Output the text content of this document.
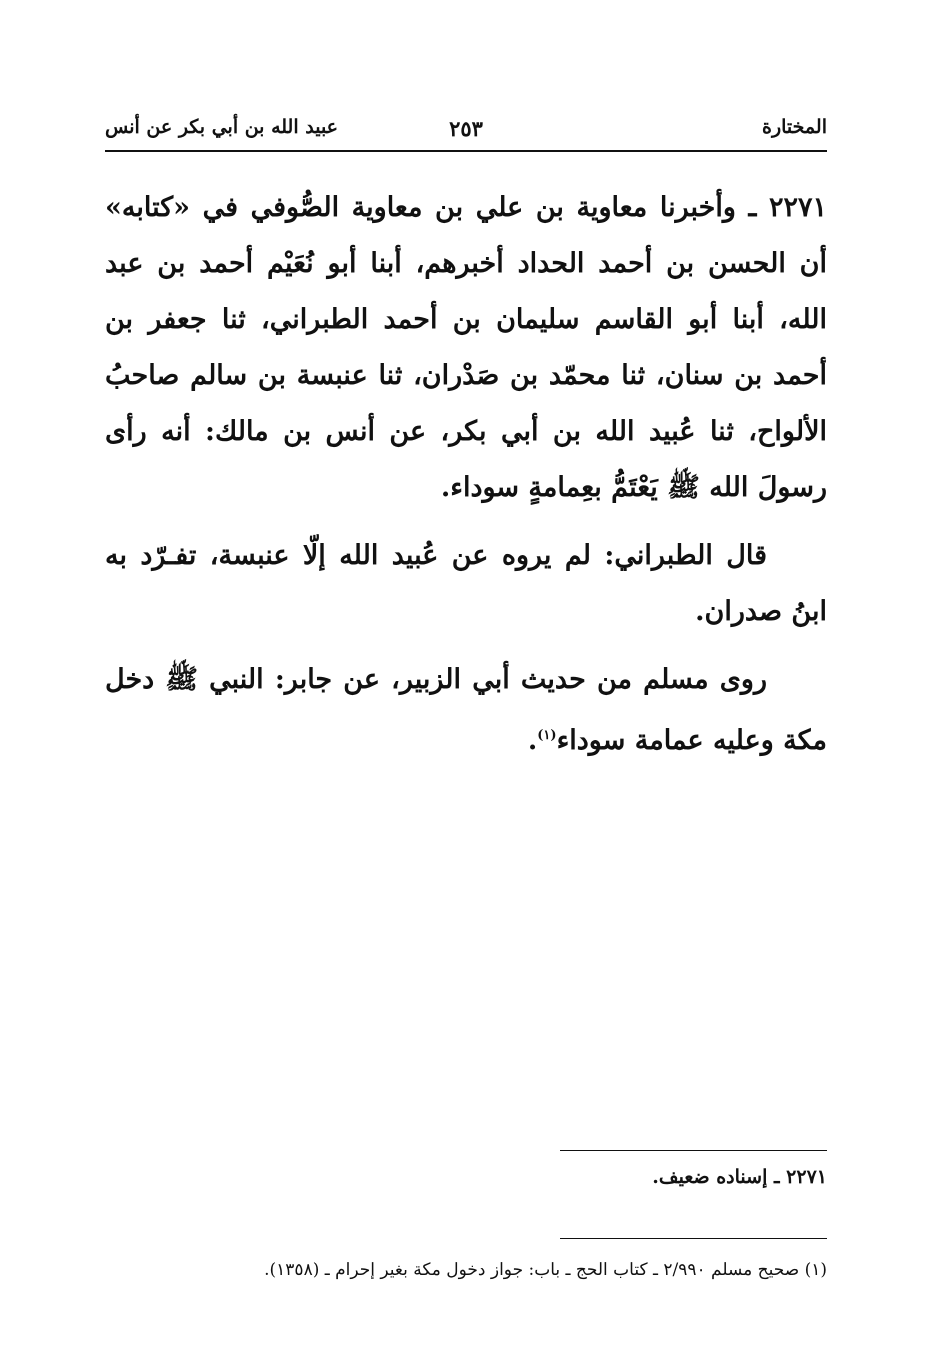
المختارة
٢٥٣
عبيد الله بن أبي بكر عن أنس

٢٢٧١ ـ وأخبرنا معاوية بن علي بن معاوية الصُّوفي في «كتابه» أن الحسن بن أحمد الحداد أخبرهم، أبنا أبو نُعَيْم أحمد بن عبد الله، أبنا أبو القاسم سليمان بن أحمد الطبراني، ثنا جعفر بن أحمد بن سنان، ثنا محمّد بن صَدْران، ثنا عنبسة بن سالم صاحبُ الألواح، ثنا عُبيد الله بن أبي بكر، عن أنس بن مالك: أنه رأى رسولَ الله ﷺ يَعْتَمُّ بعِمامةٍ سوداء.

قال الطبراني: لم يروه عن عُبيد الله إلّا عنبسة، تفـرّد به ابنُ صدران.

روى مسلم من حديث أبي الزبير، عن جابر: النبي ﷺ دخل مكة وعليه عمامة سوداء$^{(١)}$.

٢٢٧١ ـ إسناده ضعيف.
(١) صحيح مسلم ٢/٩٩٠ ـ كتاب الحج ـ باب: جواز دخول مكة بغير إحرام ـ (١٣٥٨).
